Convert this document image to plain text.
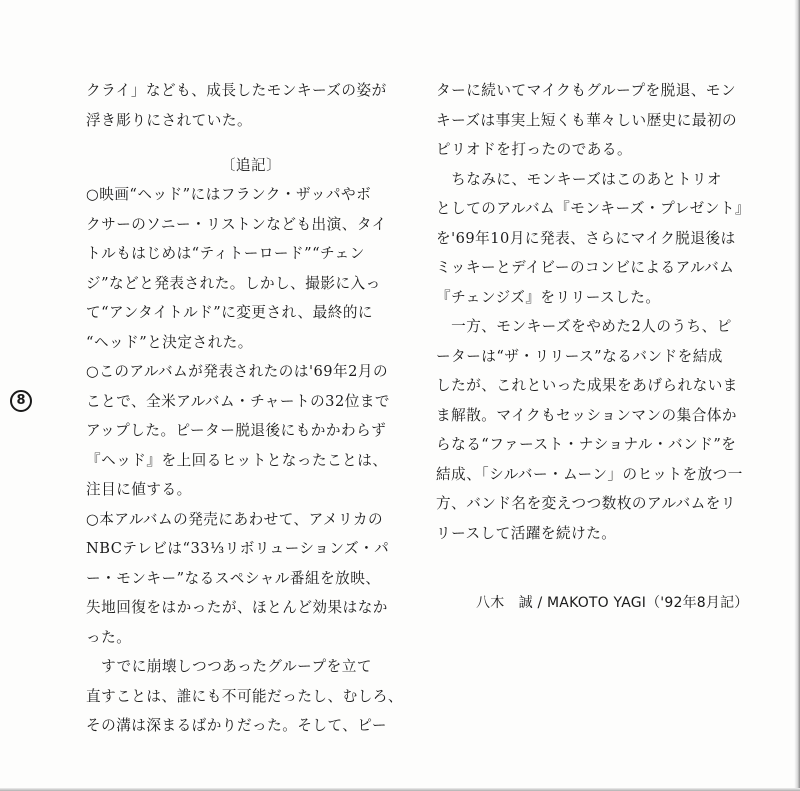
クライ」なども、成長したモンキーズの姿が
浮き彫りにされていた。
〔追記〕
○映画“ヘッド”にはフランク・ザッパやボ
クサーのソニー・リストンなども出演、タイ
トルもはじめは“ティトーロード”“チェン
ジ”などと発表された。しかし、撮影に入っ
て“アンタイトルド”に変更され、最終的に
“ヘッド”と決定された。
○このアルバムが発表されたのは'69年2月の
ことで、全米アルバム・チャートの32位まで
アップした。ピーター脱退後にもかかわらず
『ヘッド』を上回るヒットとなったことは、
注目に値する。
○本アルバムの発売にあわせて、アメリカの
NBCテレビは“33⅓リボリューションズ・パ
ー・モンキー”なるスペシャル番組を放映、
失地回復をはかったが、ほとんど効果はなか
った。
　すでに崩壊しつつあったグループを立て
直すことは、誰にも不可能だったし、むしろ、
その溝は深まるばかりだった。そして、ピー
ターに続いてマイクもグループを脱退、モン
キーズは事実上短くも華々しい歴史に最初の
ピリオドを打ったのである。
　ちなみに、モンキーズはこのあとトリオ
としてのアルバム『モンキーズ・プレゼント』
を'69年10月に発表、さらにマイク脱退後は
ミッキーとデイビーのコンビによるアルバム
『チェンジズ』をリリースした。
　一方、モンキーズをやめた2人のうち、ピ
ーターは“ザ・リリース”なるバンドを結成
したが、これといった成果をあげられないま
ま解散。マイクもセッションマンの集合体か
らなる“ファースト・ナショナル・バンド”を
結成、「シルバー・ムーン」のヒットを放つ一
方、バンド名を変えつつ数枚のアルバムをリ
リースして活躍を続けた。
八木　誠 / MAKOTO YAGI（'92年8月記）
8
